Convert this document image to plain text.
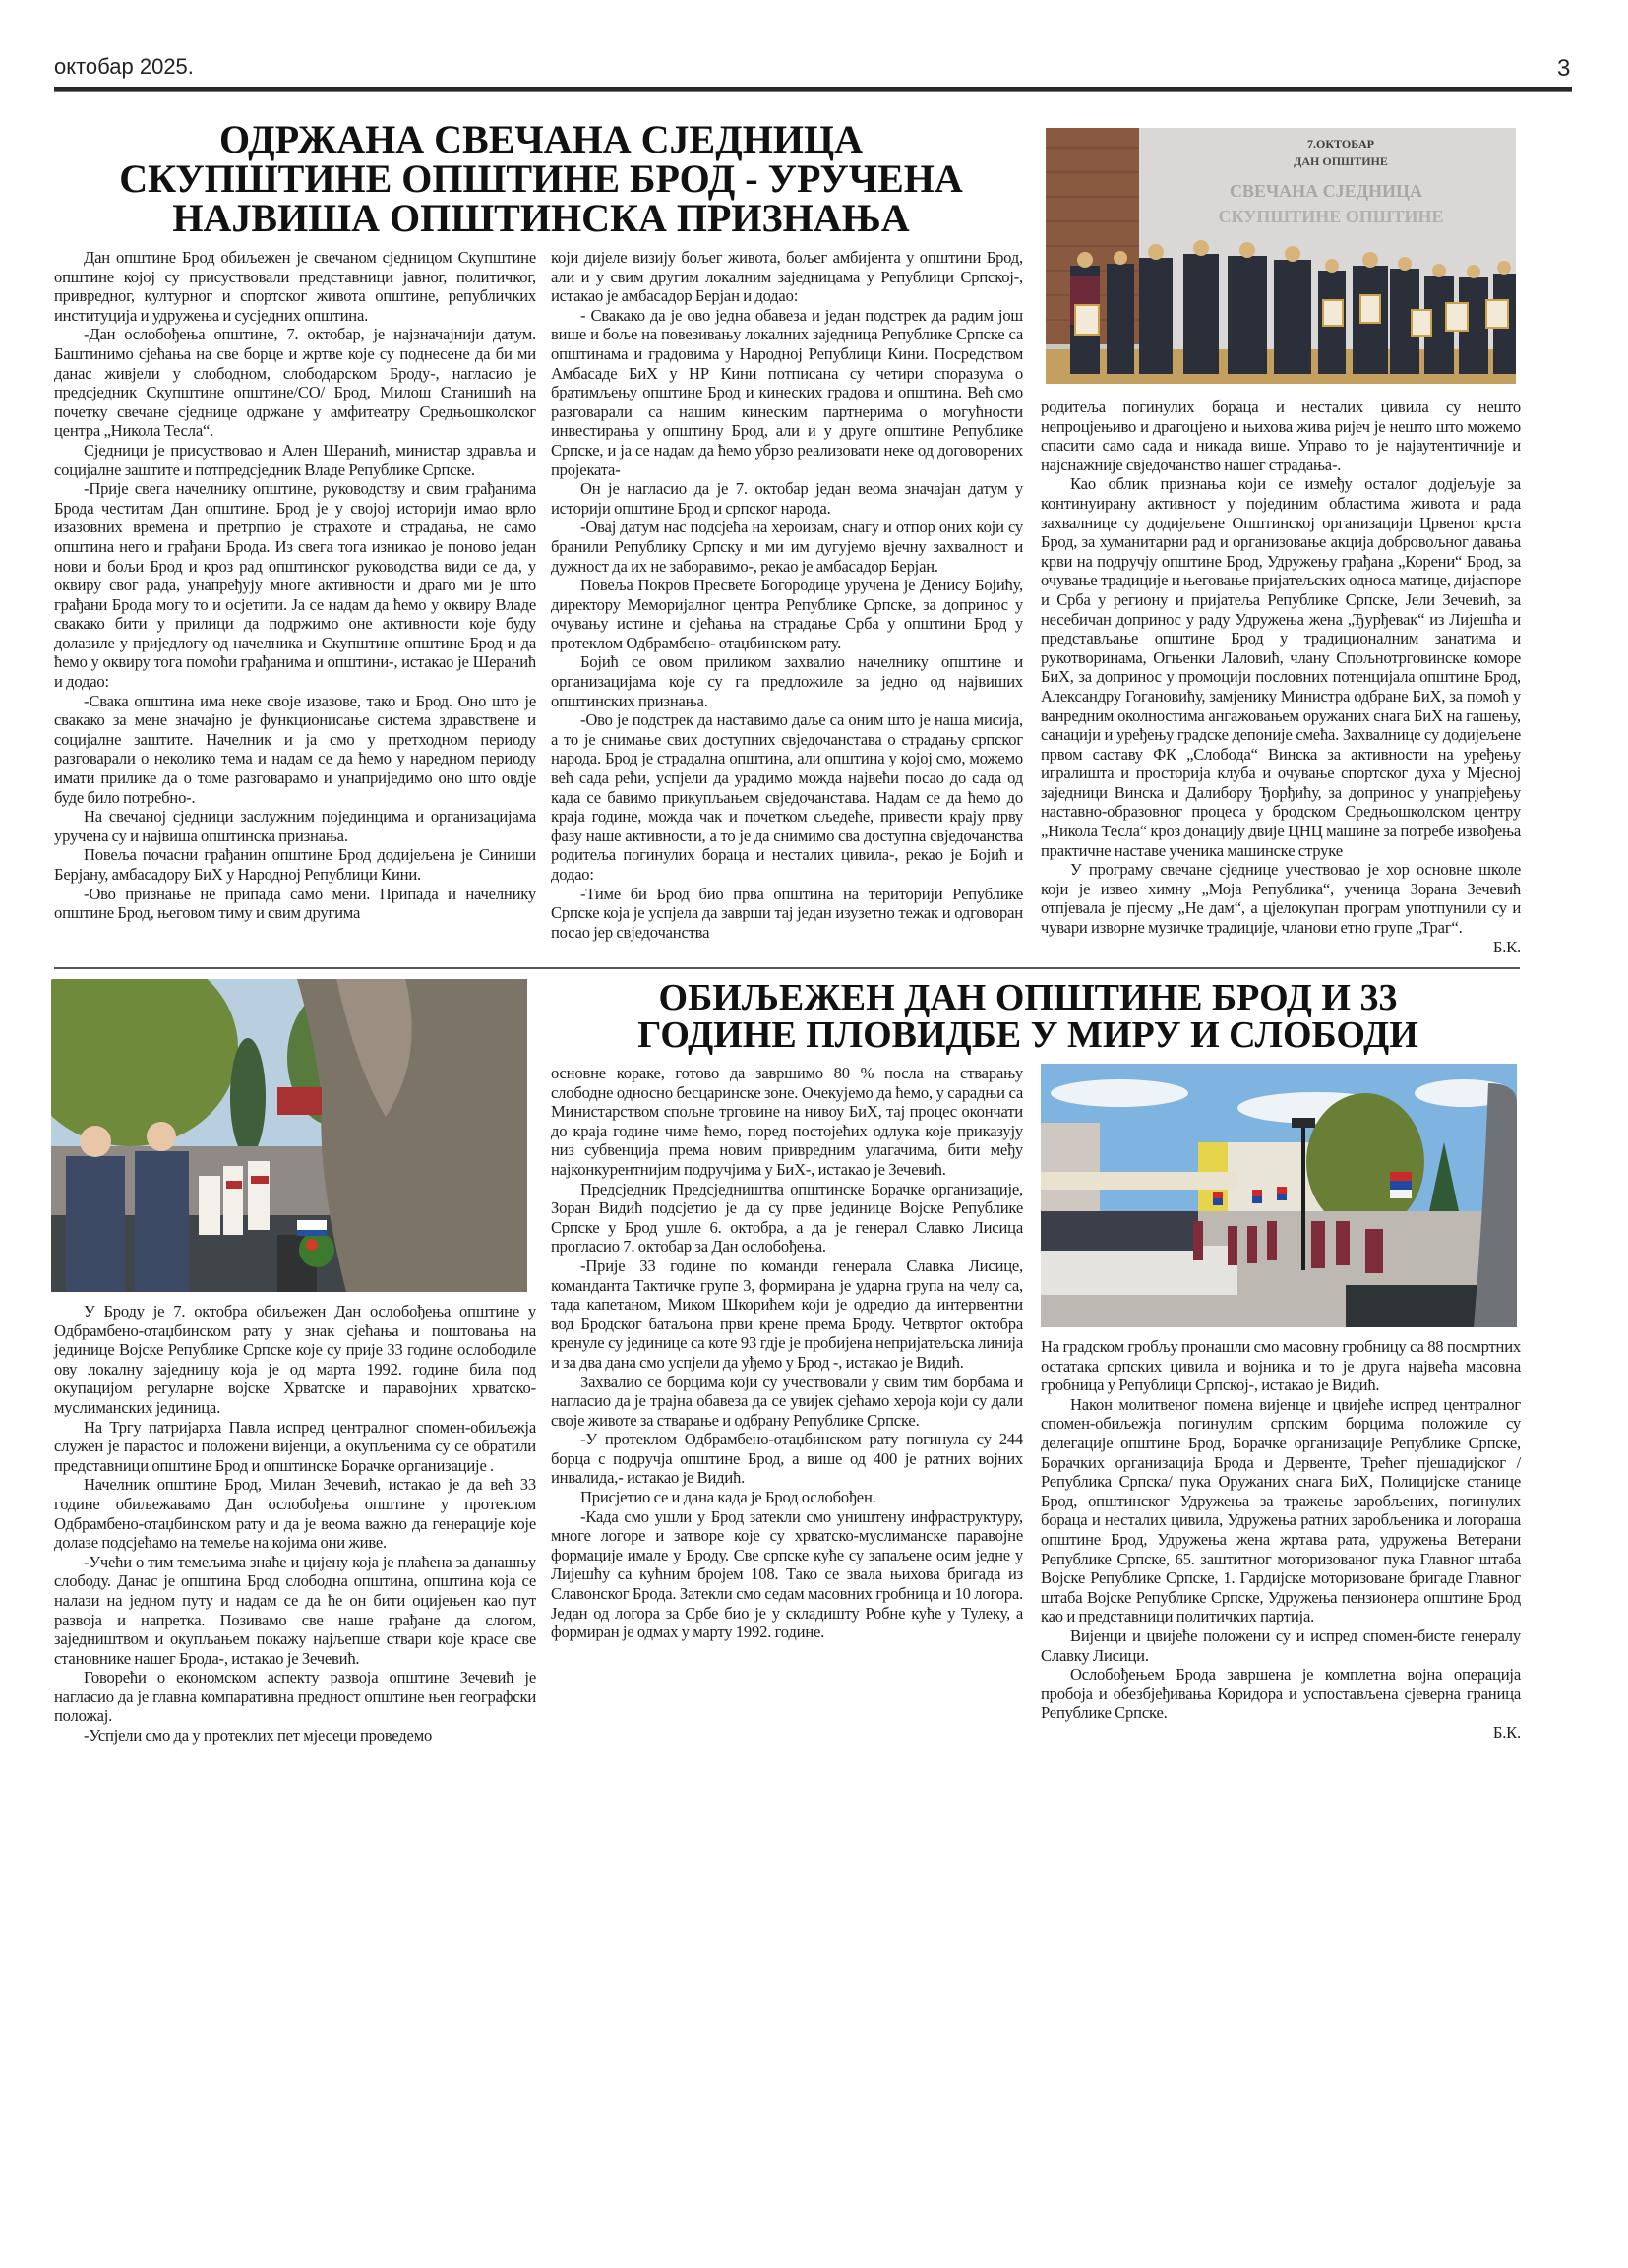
октобар 2025.	3
ОДРЖАНА СВЕЧАНА СЈЕДНИЦА
СКУПШТИНЕ ОПШТИНЕ БРОД - УРУЧЕНА
НАЈВИША ОПШТИНСКА ПРИЗНАЊА
7.ОКТОБАР
ДАН ОПШТИНЕ
СВЕЧАНА СЈЕДНИЦА
СКУПШТИНЕ ОПШТИНЕ

Дан општине Брод обиљежен је свечаном сједницом Скупштине општине којој су присуствовали представници јавног, политичког, привредног, културног и спортског живота општине, републичких институција и удружења и сусједних општина.

-Дан ослобођења општине, 7. октобар, је најзначајнији датум. Баштинимо сјећања на све борце и жртве које су поднесене да би ми данас живјели у слободном, слободарском Броду-, нагласио је предсједник Скупштине општине/СО/ Брод, Милош Станишић на почетку свечане сједнице одржане у амфитеатру Средњошколског центра „Никола Тесла“.

Сједници је присуствовао и Ален Шеранић, министар здравља и социјалне заштите и потпредсједник Владе Републике Српске.

-Прије свега начелнику општине, руководству и свим грађанима Брода честитам Дан општине. Брод је у својој историји имао врло изазовних времена и претрпио је страхоте и страдања, не само општина него и грађани Брода. Из свега тога изникао је поново један нови и бољи Брод и кроз рад општинског руководства види се да, у оквиру свог рада, унапређују многе активности и драго ми је што грађани Брода могу то и осјетити. Ја се надам да ћемо у оквиру Владе свакако бити у прилици да подржимо оне активности које буду долазиле у приједлогу од начелника и Скупштине општине Брод и да ћемо у оквиру тога помоћи грађанима и општини-, истакао је Шеранић и додао:

-Свака општина има неке своје изазове, тако и Брод. Оно што је свакако за мене значајно је функционисање система здравствене и социјалне заштите. Начелник и ја смо у претходном периоду разговарали о неколико тема и надам се да ћемо у наредном периоду имати прилике да о томе разговарамо и унаприједимо оно што овдје буде било потребно-.

На свечаној сједници заслужним појединцима и организацијама уручена су и највиша општинска признања.

Повеља почасни грађанин општине Брод додијељена је Синиши Берјану, амбасадору БиХ у Народној Републици Кини.

-Ово признање не припада само мени. Припада и начелнику општине Брод, његовом тиму и свим другима

који дијеле визију бољег живота, бољег амбијента у општини Брод, али и у свим другим локалним заједницама у Републици Српској-, истакао је амбасадор Берјан и додао:

- Свакако да је ово једна обавеза и један подстрек да радим још више и боље на повезивању локалних заједница Републике Српске са општинама и градовима у Народној Републици Кини. Посредством Амбасаде БиХ у НР Кини потписана су четири споразума о братимљењу општине Брод и кинеских градова и општина. Већ смо разговарали са нашим кинеским партнерима о могућности инвестирања у општину Брод, али и у друге општине Републике Српске, и ја се надам да ћемо убрзо реализовати неке од договорених пројеката-

Он је нагласио да је 7. октобар један веома значајан датум у историји општине Брод и српског народа.

-Овај датум нас подсјећа на хероизам, снагу и отпор оних који су бранили Републику Српску и ми им дугујемо вјечну захвалност и дужност да их не заборавимо-, рекао је амбасадор Берјан.

Повеља Покров Пресвете Богородице уручена је Денису Бојићу, директору Меморијалног центра Републике Српске, за допринос у очувању истине и сјећања на страдање Срба у општини Брод у протеклом Одбрамбено- отаџбинском рату.

Бојић се овом приликом захвалио начелнику општине и организацијама које су га предложиле за једно од највиших општинских признања.

-Ово је подстрек да наставимо даље са оним што је наша мисија, а то је снимање свих доступних свједочанстава о страдању српског народа. Брод је страдална општина, али општина у којој смо, можемо већ сада рећи, успјели да урадимо можда највећи посао до сада од када се бавимо прикупљањем свједочанстава. Надам се да ћемо до краја године, можда чак и почетком сљедеће, привести крају прву фазу наше активности, а то је да снимимо сва доступна свједочанства родитеља погинулих бораца и несталих цивила-, рекао је Бојић и додао:

-Тиме би Брод био прва општина на територији Републике Српске која је успјела да заврши тај један изузетно тежак и одговоран посао јер свједочанства

родитеља погинулих бораца и несталих цивила су нешто непроцјењиво и драгоцјено и њихова жива ријеч је нешто што можемо спасити само сада и никада више. Управо то је најаутентичније и најснажније свједочанство нашег страдања-.

Као облик признања који се између осталог додјељује за континуирану активност у појединим областима живота и рада захвалнице су додијељене Општинској организацији Црвеног крста Брод, за хуманитарни рад и организовање акција добровољног давања крви на подручју општине Брод, Удружењу грађана „Корени“ Брод, за очување традиције и његовање пријатељских односа матице, дијаспоре и Срба у региону и пријатеља Републике Српске, Јели Зечевић, за несебичан допринос у раду Удружења жена „Ђурђевак“ из Лијешћа и представљање општине Брод у традиционалним занатима и рукотворинама, Огњенки Лаловић, члану Спољнотрговинске коморе БиХ, за допринос у промоцији пословних потенцијала општине Брод, Александру Гогановићу, замјенику Министра одбране БиХ, за помоћ у ванредним околностима ангажовањем оружаних снага БиХ на гашењу, санацији и уређењу градске депоније смећа. Захвалнице су додијељене првом саставу ФК „Слобода“ Винска за активности на уређењу игралишта и просторија клуба и очување спортског духа у Мјесној заједници Винска и Далибору Ђорђићу, за допринос у унапрјеђењу наставно-образовног процеса у бродском Средњошколском центру „Никола Тесла“ кроз донацију двије ЦНЦ машине за потребе извођења практичне наставе ученика машинске струке

У програму свечане сједнице учествовао је хор основне школе који је извео химну „Моја Република“, ученица Зорана Зечевић отпјевала је пјесму „Не дам“, а цјелокупан програм употпунили су и чувари изворне музичке традиције, чланови етно групе „Траг“.

Б.К.
ОБИЉЕЖЕН ДАН ОПШТИНЕ БРОД И 33
ГОДИНЕ ПЛОВИДБЕ У МИРУ И СЛОБОДИ

У Броду је 7. октобра обиљежен Дан ослобођења општине у Одбрамбено-отаџбинском рату у знак сјећања и поштовања на јединице Војске Републике Српске које су прије 33 године ослободиле ову локалну заједницу која је од марта 1992. године била под окупацијом регуларне војске Хрватске и паравојних хрватско-муслиманских јединица.

На Тргу патријарха Павла испред централног спомен-обиљежја служен је парастос и положени вијенци, а окупљенима су се обратили представници општине Брод и општинске Борачке организације .

Начелник општине Брод, Милан Зечевић, истакао је да већ 33 године обиљежавамо Дан ослобођења општине у протеклом Одбрамбено-отаџбинском рату и да је веома важно да генерације које долазе подсјећамо на темеље на којима они живе.

-Учећи о тим темељима знаће и цијену која је плаћена за данашњу слободу. Данас је општина Брод слободна општина, општина која се налази на једном путу и надам се да ће он бити оцијењен као пут развоја и напретка. Позивамо све наше грађане да слогом, заједништвом и окупљањем покажу најљепше ствари које красе све становнике нашег Брода-, истакао је Зечевић.

Говорећи о економском аспекту развоја општине Зечевић је нагласио да је главна компаративна предност општине њен географски положај.

-Успјели смо да у протеклих пет мјесеци проведемо

основне кораке, готово да завршимо 80 % посла на стварању слободне односно бесцаринске зоне. Очекујемо да ћемо, у сарадњи са Министарством спољне трговине на нивоу БиХ, тај процес окончати до краја године чиме ћемо, поред постојећих одлука које приказују низ субвенција према новим привредним улагачима, бити међу најконкурентнијим подручјима у БиХ-, истакао је Зечевић.

Предсједник Предсједништва општинске Борачке организације, Зоран Видић подсјетио је да су прве јединице Војске Републике Српске у Брод ушле 6. октобра, а да је генерал Славко Лисица прогласио 7. октобар за Дан ослобођења.

-Прије 33 године по команди генерала Славка Лисице, команданта Тактичке групе 3, формирана је ударна група на челу са, тада капетаном, Миком Шкорићем који је одредио да интервентни вод Бродског батаљона први крене према Броду. Четвртог октобра кренуле су јединице са коте 93 гдје је пробијена непријатељска линија и за два дана смо успјели да уђемо у Брод -, истакао је Видић.

Захвалио се борцима који су учествовали у свим тим борбама и нагласио да је трајна обавеза да се увијек сјећамо хероја који су дали своје животе за стварање и одбрану Републике Српске.

-У протеклом Одбрамбено-отаџбинском рату погинула су 244 борца с подручја општине Брод, а више од 400 је ратних војних инвалида,- истакао је Видић.

Присјетио се и дана када је Брод ослобођен.

-Када смо ушли у Брод затекли смо уништену инфраструктуру, многе логоре и затворе које су хрватско-муслиманске паравојне формације имале у Броду. Све српске куће су запаљене осим једне у Лијешћу са кућним бројем 108. Тако се звала њихова бригада из Славонског Брода. Затекли смо седам масовних гробница и 10 логора. Један од логора за Србе био је у складишту Робне куће у Тулеку, а формиран је одмах у марту 1992. године.

На градском гробљу пронашли смо масовну гробницу са 88 посмртних остатака српских цивила и војника и то је друга највећа масовна гробница у Републици Српској-, истакао је Видић.

Након молитвеног помена вијенце и цвијеће испред централног спомен-обиљежја погинулим српским борцима положиле су делегације општине Брод, Борачке организације Републике Српске, Борачких организација Брода и Дервенте, Трећег пјешадијског /Република Српска/ пука Оружаних снага БиХ, Полицијске станице Брод, општинског Удружења за тражење заробљених, погинулих бораца и несталих цивила, Удружења ратних заробљеника и логораша општине Брод, Удружења жена жртава рата, удружења Ветерани Републике Српске, 65. заштитног моторизованог пука Главног штаба Војске Републике Српске, 1. Гардијске моторизоване бригаде Главног штаба Војске Републике Српске, Удружења пензионера општине Брод као и представници политичких партија.

Вијенци и цвијеће положени су и испред спомен-бисте генералу Славку Лисици.

Ослобођењем Брода завршена је комплетна војна операција пробоја и обезбјеђивања Коридора и успостављена сјеверна граница Републике Српске.

Б.К.
